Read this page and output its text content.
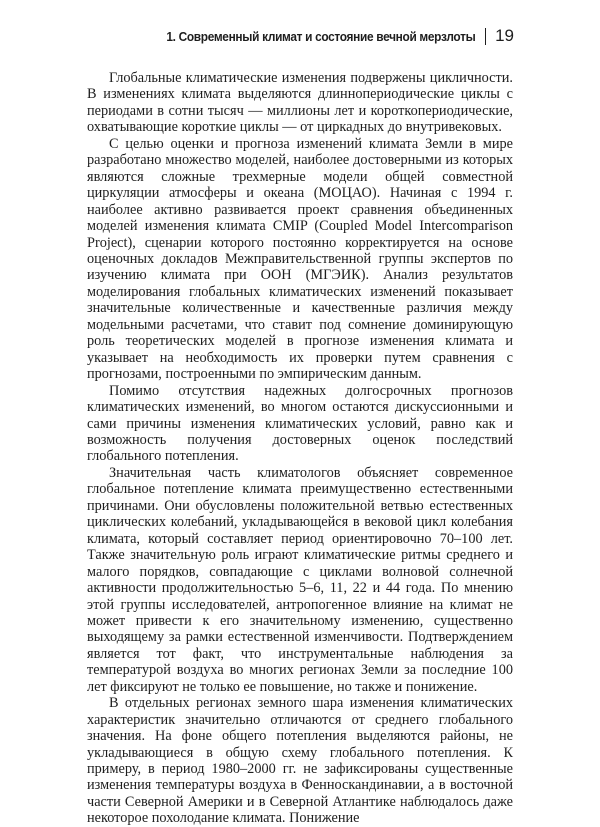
1. Современный климат и состояние вечной мерзлоты 19

Глобальные климатические изменения подвержены цикличности. В изменениях климата выделяются длиннопериодические циклы с периодами в сотни тысяч — миллионы лет и короткопериодические, охватывающие короткие циклы — от циркадных до внутривековых.

С целью оценки и прогноза изменений климата Земли в мире разработано множество моделей, наиболее достоверными из которых являются сложные трехмерные модели общей совместной циркуляции атмосферы и океана (МОЦАО). Начиная с 1994 г. наиболее активно развивается проект сравнения объединенных моделей изменения климата CMIP (Coupled Model Intercomparison Project), сценарии которого постоянно корректируется на основе оценочных докладов Межправительственной группы экспертов по изучению климата при ООН (МГЭИК). Анализ результатов моделирования глобальных климатических изменений показывает значительные количественные и качественные различия между модельными расчетами, что ставит под сомнение доминирующую роль теоретических моделей в прогнозе изменения климата и указывает на необходимость их проверки путем сравнения с прогнозами, построенными по эмпирическим данным.

Помимо отсутствия надежных долгосрочных прогнозов климатических изменений, во многом остаются дискуссионными и сами причины изменения климатических условий, равно как и возможность получения достоверных оценок последствий глобального потепления.

Значительная часть климатологов объясняет современное глобальное потепление климата преимущественно естественными причинами. Они обусловлены положительной ветвью естественных циклических колебаний, укладывающейся в вековой цикл колебания климата, который составляет период ориентировочно 70–100 лет. Также значительную роль играют климатические ритмы среднего и малого порядков, совпадающие с циклами волновой солнечной активности продолжительностью 5–6, 11, 22 и 44 года. По мнению этой группы исследователей, антропогенное влияние на климат не может привести к его значительному изменению, существенно выходящему за рамки естественной изменчивости. Подтверждением является тот факт, что инструментальные наблюдения за температурой воздуха во многих регионах Земли за последние 100 лет фиксируют не только ее повышение, но также и понижение.

В отдельных регионах земного шара изменения климатических характеристик значительно отличаются от среднего глобального значения. На фоне общего потепления выделяются районы, не укладывающиеся в общую схему глобального потепления. К примеру, в период 1980–2000 гг. не зафиксированы существенные изменения температуры воздуха в Фенноскандинавии, а в восточной части Северной Америки и в Северной Атлантике наблюдалось даже некоторое похолодание климата. Понижение
